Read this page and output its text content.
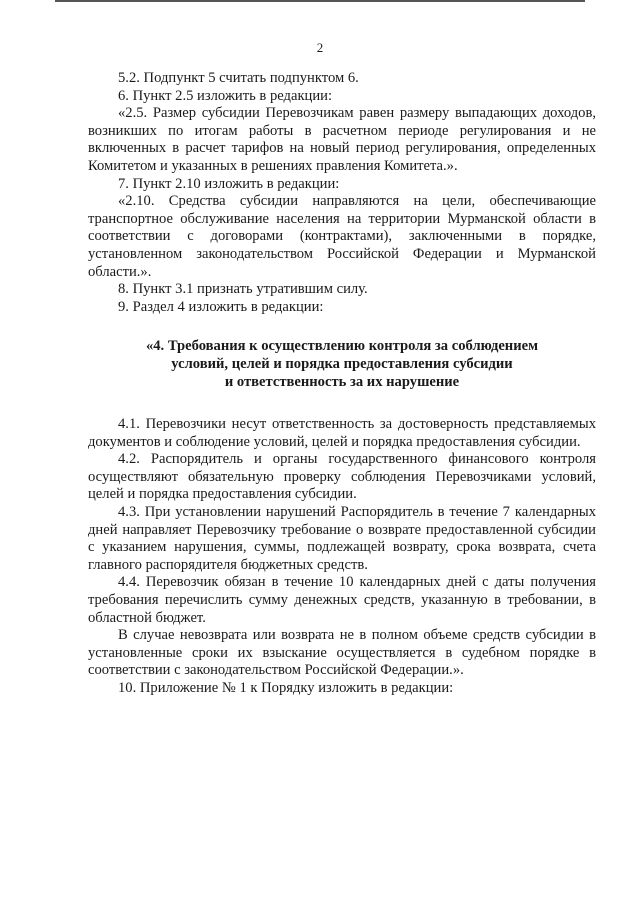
2

5.2. Подпункт 5 считать подпунктом 6.

6. Пункт 2.5 изложить в редакции:

«2.5. Размер субсидии Перевозчикам равен размеру выпадающих доходов, возникших по итогам работы в расчетном периоде регулирования и не включенных в расчет тарифов на новый период регулирования, определенных Комитетом и указанных в решениях правления Комитета.».

7. Пункт 2.10 изложить в редакции:

«2.10. Средства субсидии направляются на цели, обеспечивающие транспортное обслуживание населения на территории Мурманской области в соответствии с договорами (контрактами), заключенными в порядке, установленном законодательством Российской Федерации и Мурманской области.».

8. Пункт 3.1 признать утратившим силу.

9. Раздел 4 изложить в редакции:

«4. Требования к осуществлению контроля за соблюдением
условий, целей и порядка предоставления субсидии
и ответственность за их нарушение

4.1. Перевозчики несут ответственность за достоверность представляемых документов и соблюдение условий, целей и порядка предоставления субсидии.

4.2. Распорядитель и органы государственного финансового контроля осуществляют обязательную проверку соблюдения Перевозчиками условий, целей и порядка предоставления субсидии.

4.3. При установлении нарушений Распорядитель в течение 7 календарных дней направляет Перевозчику требование о возврате предоставленной субсидии с указанием нарушения, суммы, подлежащей возврату, срока возврата, счета главного распорядителя бюджетных средств.

4.4. Перевозчик обязан в течение 10 календарных дней с даты получения требования перечислить сумму денежных средств, указанную в требовании, в областной бюджет.

В случае невозврата или возврата не в полном объеме средств субсидии в установленные сроки их взыскание осуществляется в судебном порядке в соответствии с законодательством Российской Федерации.».

10. Приложение № 1 к Порядку изложить в редакции:
